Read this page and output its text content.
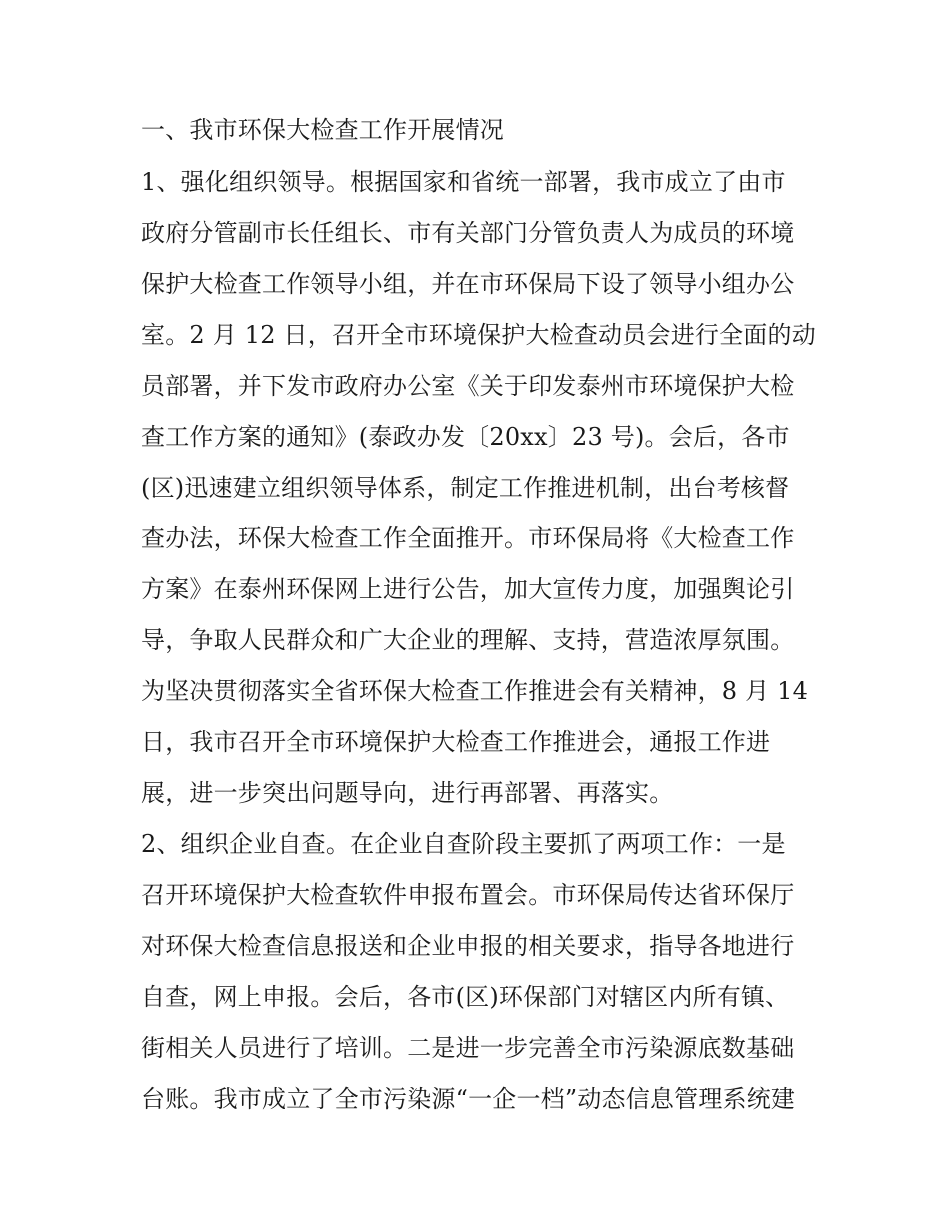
一、我市环保大检查工作开展情况
1、强化组织领导。根据国家和省统一部署，我市成立了由市
政府分管副市长任组长、市有关部门分管负责人为成员的环境
保护大检查工作领导小组，并在市环保局下设了领导小组办公
室。2 月 12 日，召开全市环境保护大检查动员会进行全面的动
员部署，并下发市政府办公室《关于印发泰州市环境保护大检
查工作方案的通知》(泰政办发〔20xx〕23 号)。会后，各市
(区)迅速建立组织领导体系，制定工作推进机制，出台考核督
查办法，环保大检查工作全面推开。市环保局将《大检查工作
方案》在泰州环保网上进行公告，加大宣传力度，加强舆论引
导，争取人民群众和广大企业的理解、支持，营造浓厚氛围。
为坚决贯彻落实全省环保大检查工作推进会有关精神，8 月 14
日，我市召开全市环境保护大检查工作推进会，通报工作进
展，进一步突出问题导向，进行再部署、再落实。
2、组织企业自查。在企业自查阶段主要抓了两项工作：一是
召开环境保护大检查软件申报布置会。市环保局传达省环保厅
对环保大检查信息报送和企业申报的相关要求，指导各地进行
自查，网上申报。会后，各市(区)环保部门对辖区内所有镇、
街相关人员进行了培训。二是进一步完善全市污染源底数基础
台账。我市成立了全市污染源“一企一档”动态信息管理系统建
